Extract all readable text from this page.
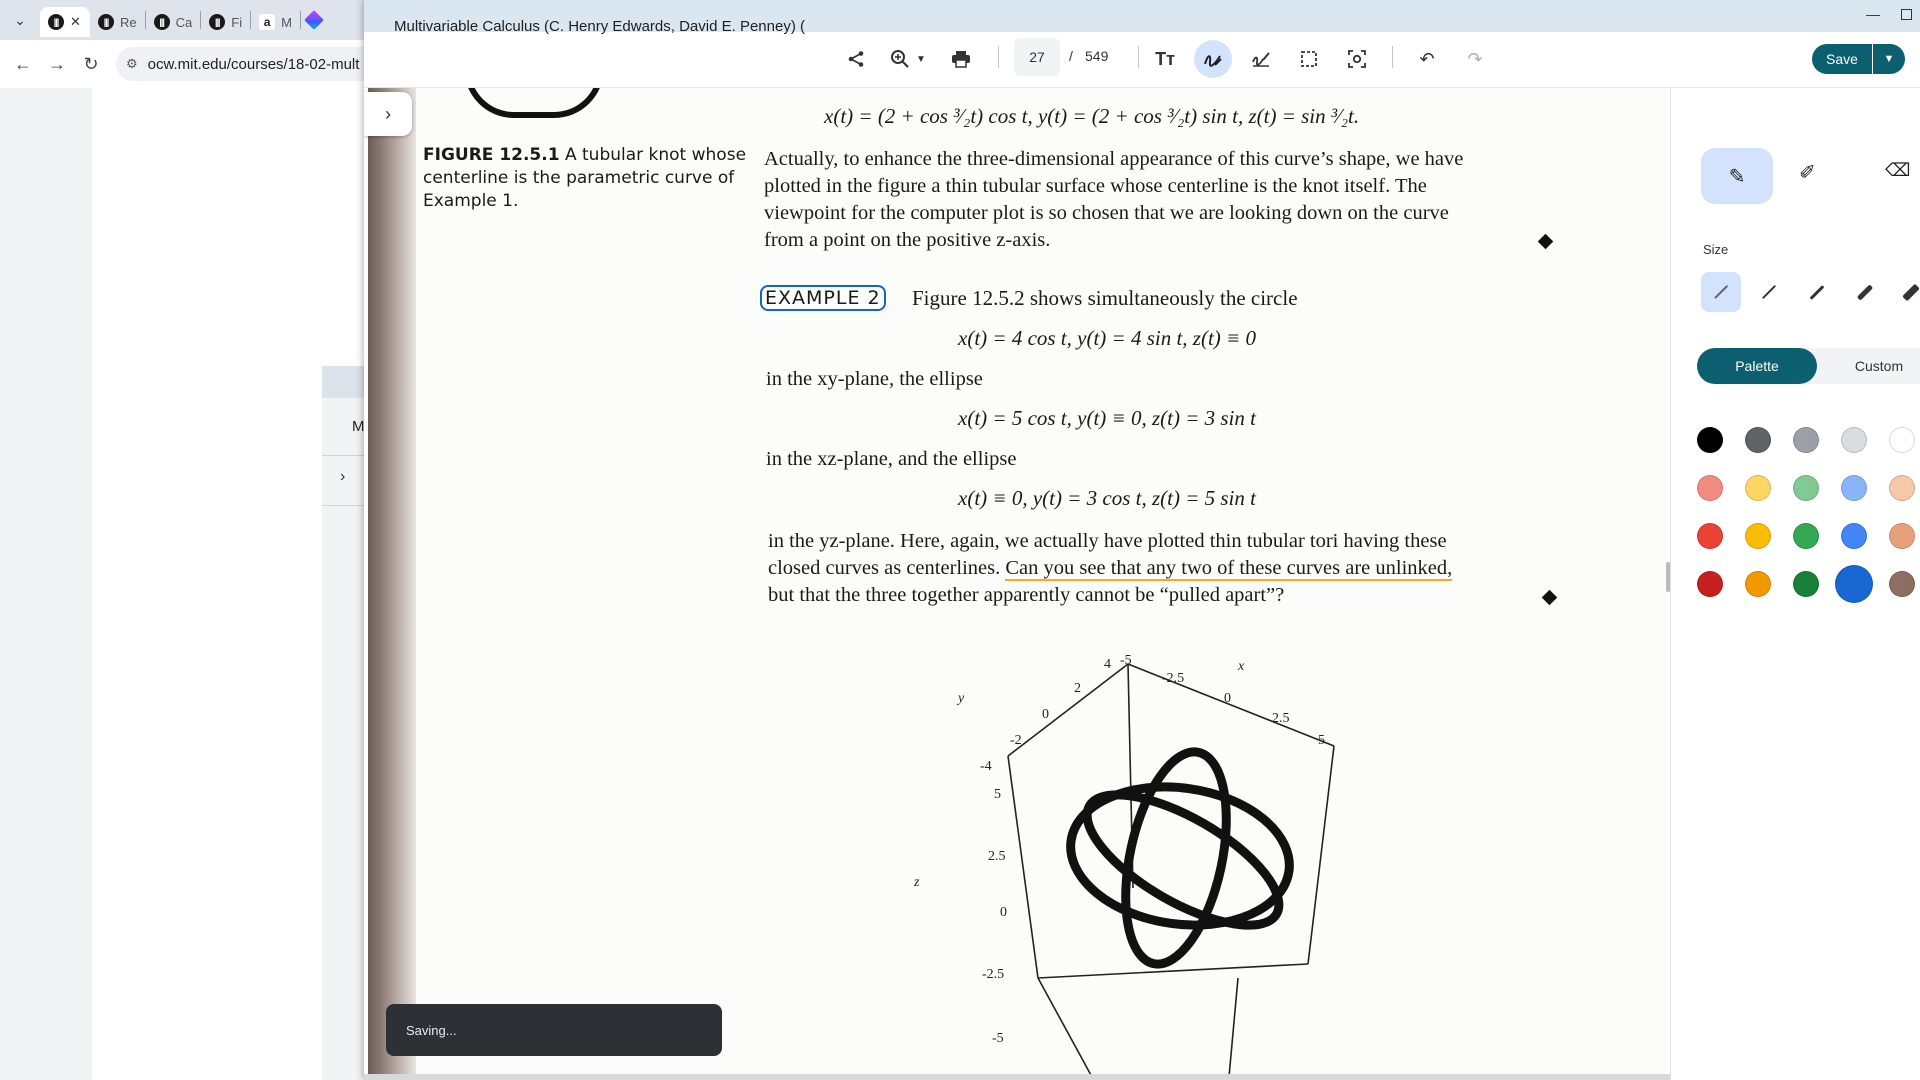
⌄	||| ✕	||| Re	||| Ca	||| Fi	a M
← → ↻ ⚙ ocw.mit.edu/courses/18-02-mult
M
›
—
Multivariable Calculus (C. Henry Edwards, David E. Penney) (
▼	27	/ 549	Tт	↶ ↷	Save	▼
x(t) = (2 + cos ³⁄₂t) cos t, y(t) = (2 + cos ³⁄₂t) sin t, z(t) = sin ³⁄₂t.
FIGURE 12.5.1 A tubular knot whose centerline is the parametric curve of Example 1.
Actually, to enhance the three-dimensional appearance of this curve’s shape, we have
plotted in the figure a thin tubular surface whose centerline is the knot itself. The
viewpoint for the computer plot is so chosen that we are looking down on the curve
from a point on the positive z-axis.
EXAMPLE 2 Figure 12.5.2 shows simultaneously the circle
x(t) = 4 cos t, y(t) = 4 sin t, z(t) ≡ 0
in the xy-plane, the ellipse
x(t) = 5 cos t, y(t) ≡ 0, z(t) = 3 sin t
in the xz-plane, and the ellipse
x(t) ≡ 0, y(t) = 3 cos t, z(t) = 5 sin t
in the yz-plane. Here, again, we actually have plotted thin tubular tori having these
closed curves as centerlines. Can you see that any two of these curves are unlinked,
but that the three together apparently cannot be “pulled apart”?
y
x
z
4
2
0
-2
-4
-5
-2.5
0
2.5
5
5
2.5
0
-2.5
-5
›
Saving...
✎	✐	⌫
Size
Palette	Custom
